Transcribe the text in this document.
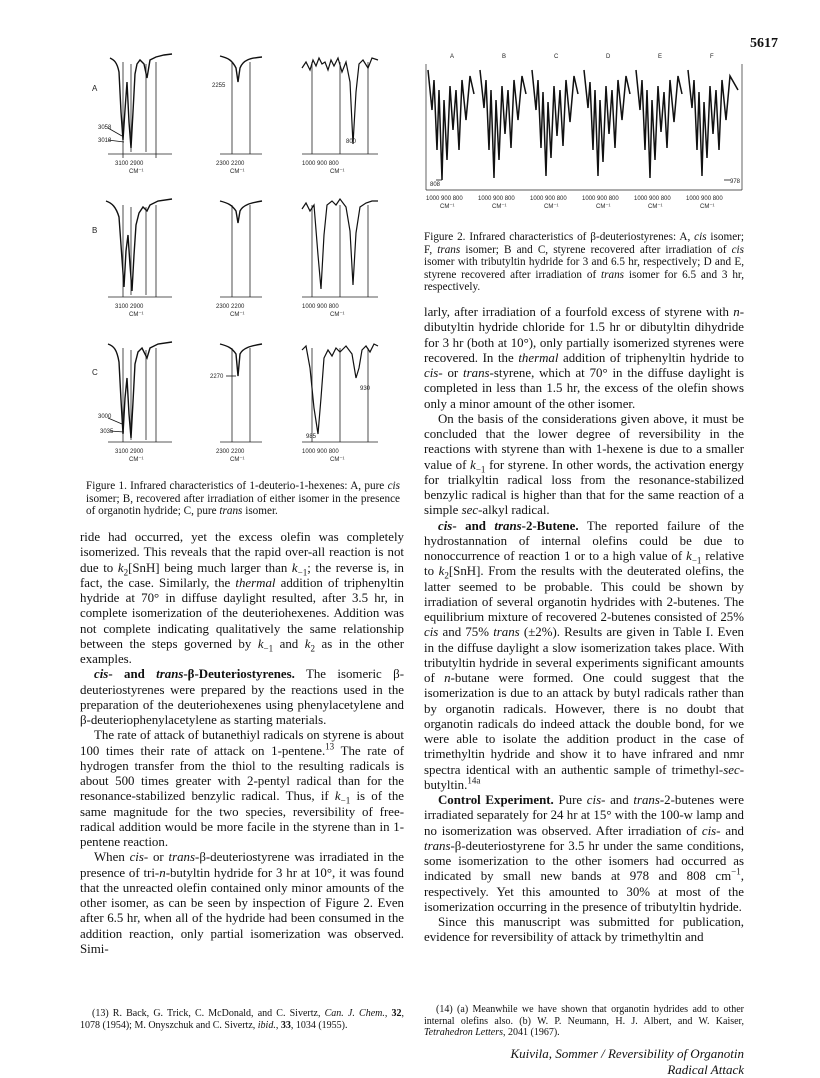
5617
A
B
C
3058
3018
3100 2900
CM⁻¹
2255
2300 2200
CM⁻¹
800
1000 900 800
CM⁻¹
3100 2900
CM⁻¹
2300 2200
CM⁻¹
1000 900 800
CM⁻¹
3000
3035
3100 2900
CM⁻¹
2270
2300 2200
CM⁻¹
930
985
1000 900 800
CM⁻¹
Figure 1. Infrared characteristics of 1-deuterio-1-hexenes: A, pure cis isomer; B, recovered after irradiation of either isomer in the presence of organotin hydride; C, pure trans isomer.
A	B	C	D	E	F
808	978
1000 900 800	1000 900 800	1000 900 800	1000 900 800	1000 900 800	1000 900 800
CM⁻¹	CM⁻¹	CM⁻¹	CM⁻¹	CM⁻¹	CM⁻¹
Figure 2. Infrared characteristics of β-deuteriostyrenes: A, cis isomer; F, trans isomer; B and C, styrene recovered after irradiation of cis isomer with tributyltin hydride for 3 and 6.5 hr, respectively; D and E, styrene recovered after irradiation of trans isomer for 6.5 and 3 hr, respectively.

ride had occurred, yet the excess olefin was completely isomerized. This reveals that the rapid over-all reaction is not due to $k_2[SnH]$ being much larger than $k_{-1}$; the reverse is, in fact, the case. Similarly, the thermal addition of triphenyltin hydride at 70° in diffuse daylight resulted, after 3.5 hr, in complete isomerization of the deuteriohexenes. Addition was not complete indicating qualitatively the same relationship between the steps governed by $k_{-1}$ and $k_2$ as in the other examples.

cis- and trans-β-Deuteriostyrenes. The isomeric β-deuteriostyrenes were prepared by the reactions used in the preparation of the deuteriohexenes using phenylacetylene and β-deuteriophenylacetylene as starting materials.

The rate of attack of butanethiyl radicals on styrene is about 100 times their rate of attack on 1-pentene.$^{13}$ The rate of hydrogen transfer from the thiol to the resulting radicals is about 500 times greater with 2-pentyl radical than for the resonance-stabilized benzylic radical. Thus, if $k_{-1}$ is of the same magnitude for the two species, reversibility of free-radical addition would be more facile in the styrene than in 1-pentene reaction.

When cis- or trans-β-deuteriostyrene was irradiated in the presence of tri-n-butyltin hydride for 3 hr at 10°, it was found that the unreacted olefin contained only minor amounts of the other isomer, as can be seen by inspection of Figure 2. Even after 6.5 hr, when all of the hydride had been consumed in the addition reaction, only partial isomerization was observed. Simi-

(13) R. Back, G. Trick, C. McDonald, and C. Sivertz, Can. J. Chem., 32, 1078 (1954); M. Onyszchuk and C. Sivertz, ibid., 33, 1034 (1955).

larly, after irradiation of a fourfold excess of styrene with n-dibutyltin hydride chloride for 1.5 hr or dibutyltin dihydride for 3 hr (both at 10°), only partially isomerized styrenes were recovered. In the thermal addition of triphenyltin hydride to cis- or trans-styrene, which at 70° in the diffuse daylight is completed in less than 1.5 hr, the excess of the olefin shows only a minor amount of the other isomer.

On the basis of the considerations given above, it must be concluded that the lower degree of reversibility in the reactions with styrene than with 1-hexene is due to a smaller value of $k_{-1}$ for styrene. In other words, the activation energy for trialkyltin radical loss from the resonance-stabilized benzylic radical is higher than that for the same reaction of a simple sec-alkyl radical.

cis- and trans-2-Butene. The reported failure of the hydrostannation of internal olefins could be due to nonoccurrence of reaction 1 or to a high value of $k_{-1}$ relative to $k_2[SnH]$. From the results with the deuterated olefins, the latter seemed to be probable. This could be shown by irradiation of several organotin hydrides with 2-butenes. The equilibrium mixture of recovered 2-butenes consisted of 25% cis and 75% trans (±2%). Results are given in Table I. Even in the diffuse daylight a slow isomerization takes place. With tributyltin hydride in several experiments significant amounts of n-butane were formed. One could suggest that the isomerization is due to an attack by butyl radicals rather than by organotin radicals. However, there is no doubt that organotin radicals do indeed attack the double bond, for we were able to isolate the addition product in the case of trimethyltin hydride and show it to have infrared and nmr spectra identical with an authentic sample of trimethyl-sec-butyltin.$^{14a}$

Control Experiment. Pure cis- and trans-2-butenes were irradiated separately for 24 hr at 15° with the 100-w lamp and no isomerization was observed. After irradiation of cis- and trans-β-deuteriostyrene for 3.5 hr under the same conditions, some isomerization to the other isomers had occurred as indicated by small new bands at 978 and 808 $cm^{-1}$, respectively. Yet this amounted to 30% at most of the isomerization occurring in the presence of tributyltin hydride.

Since this manuscript was submitted for publication, evidence for reversibility of attack by trimethyltin and

(14) (a) Meanwhile we have shown that organotin hydrides add to other internal olefins also. (b) W. P. Neumann, H. J. Albert, and W. Kaiser, Tetrahedron Letters, 2041 (1967).

Kuivila, Sommer / Reversibility of Organotin Radical Attack
